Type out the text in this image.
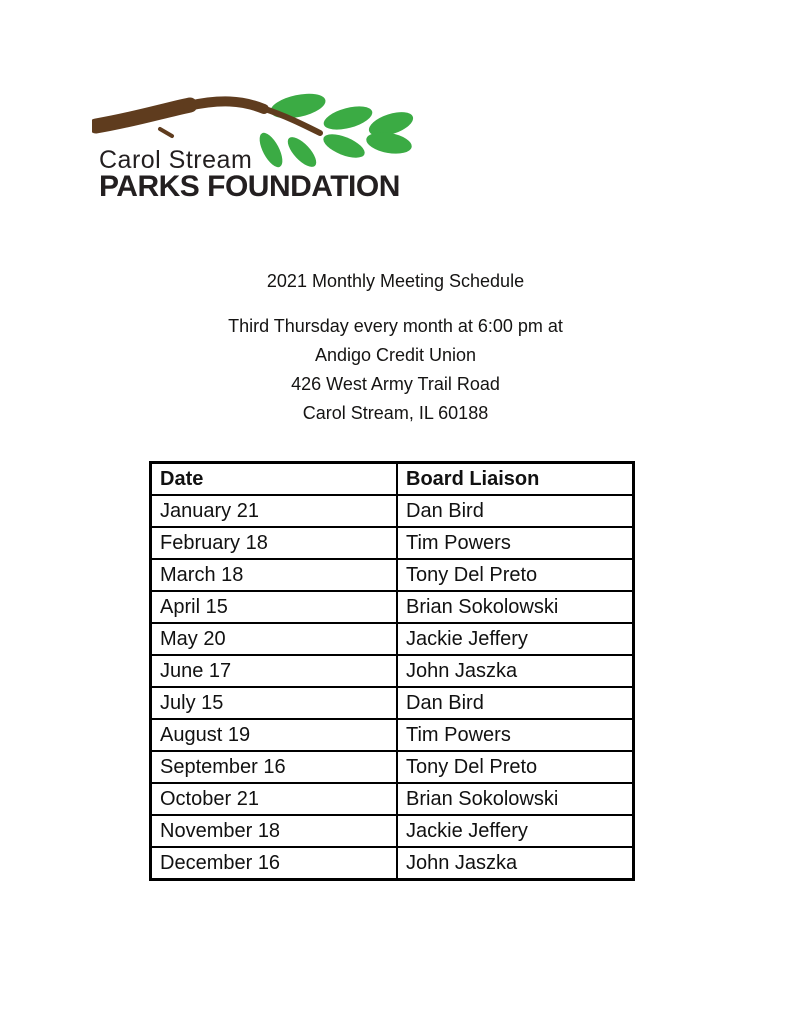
Carol Stream
PARKS FOUNDATION
2021 Monthly Meeting Schedule
Third Thursday every month at 6:00 pm at
Andigo Credit Union
426 West Army Trail Road
Carol Stream, IL 60188
Date	Board Liaison
January 21	Dan Bird
February 18	Tim Powers
March 18	Tony Del Preto
April 15	Brian Sokolowski
May 20	Jackie Jeffery
June 17	John Jaszka
July 15	Dan Bird
August 19	Tim Powers
September 16	Tony Del Preto
October 21	Brian Sokolowski
November 18	Jackie Jeffery
December 16	John Jaszka
